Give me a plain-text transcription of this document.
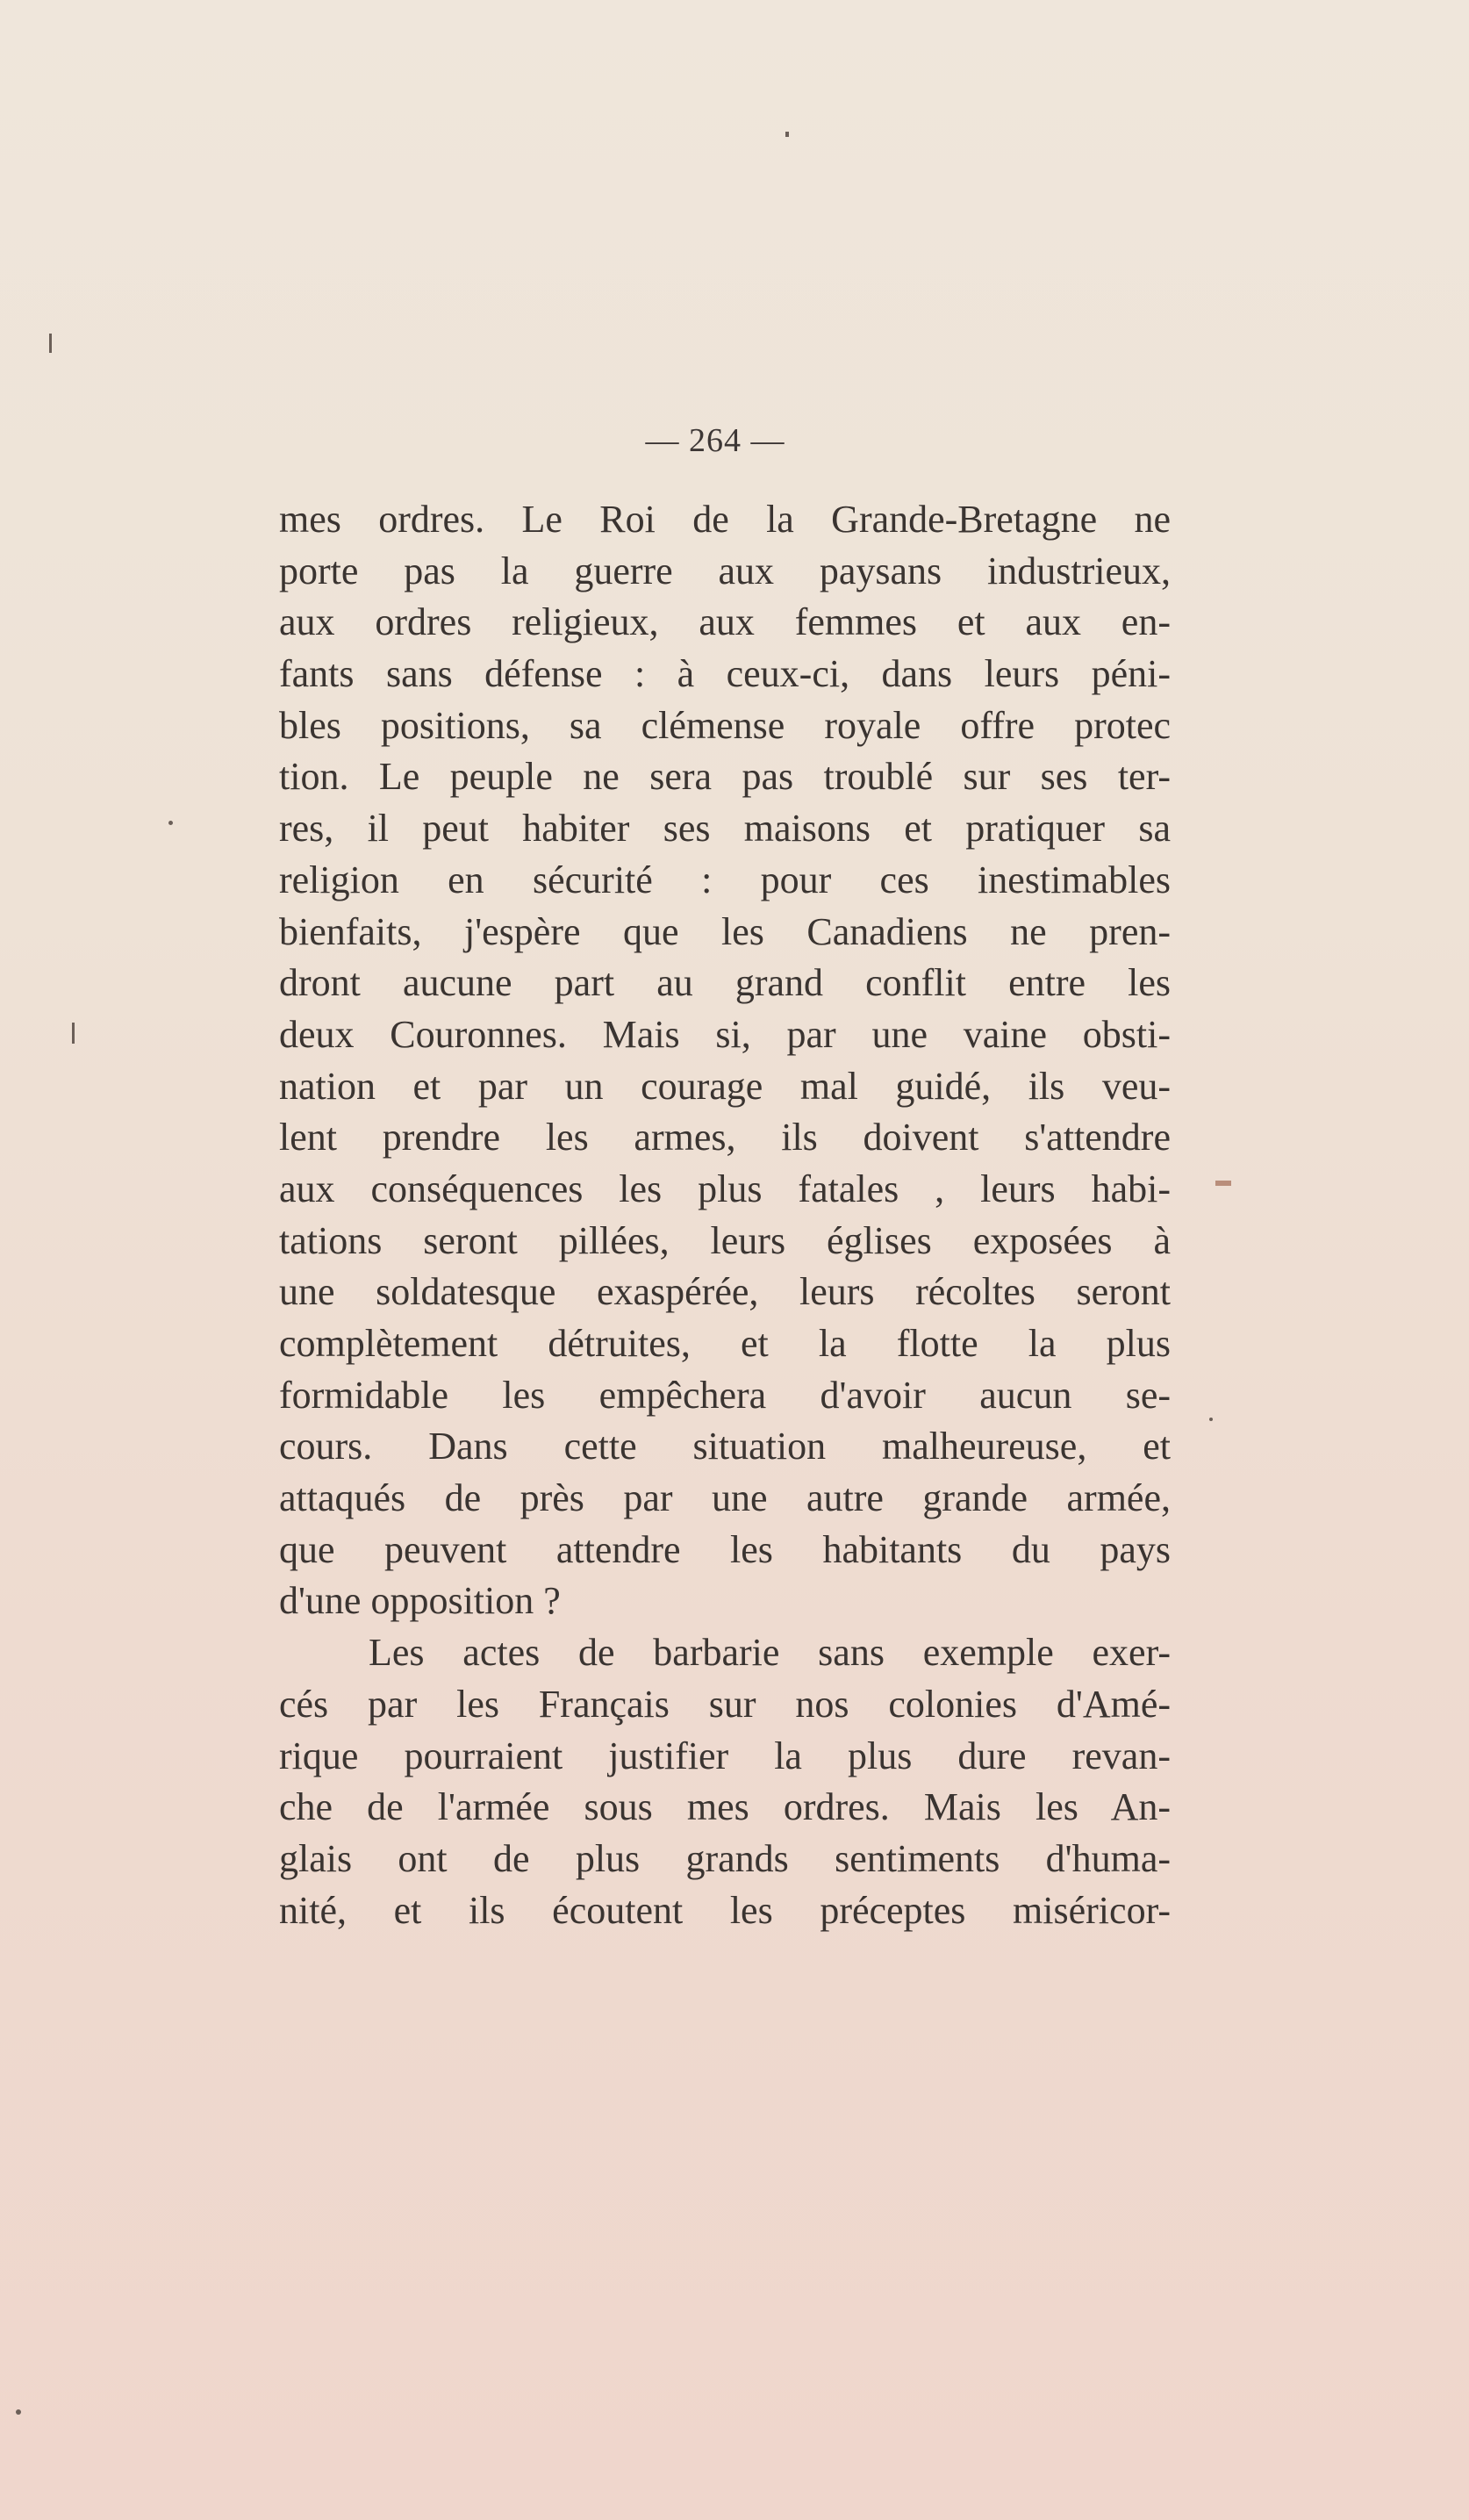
— 264 —
mes ordres. Le Roi de la Grande-Bretagne ne
porte pas la guerre aux paysans industrieux,
aux ordres religieux, aux femmes et aux en-
fants sans défense : à ceux-ci, dans leurs péni-
bles positions, sa clémense royale offre protec
tion. Le peuple ne sera pas troublé sur ses ter-
res, il peut habiter ses maisons et pratiquer sa
religion en sécurité : pour ces inestimables
bienfaits, j'espère que les Canadiens ne pren-
dront aucune part au grand conflit entre les
deux Couronnes. Mais si, par une vaine obsti-
nation et par un courage mal guidé, ils veu-
lent prendre les armes, ils doivent s'attendre
aux conséquences les plus fatales , leurs habi-
tations seront pillées, leurs églises exposées à
une soldatesque exaspérée, leurs récoltes seront
complètement détruites, et la flotte la plus
formidable les empêchera d'avoir aucun se-
cours. Dans cette situation malheureuse, et
attaqués de près par une autre grande armée,
que peuvent attendre les habitants du pays
d'une opposition ?
Les actes de barbarie sans exemple exer-
cés par les Français sur nos colonies d'Amé-
rique pourraient justifier la plus dure revan-
che de l'armée sous mes ordres. Mais les An-
glais ont de plus grands sentiments d'huma-
nité, et ils écoutent les préceptes miséricor-
